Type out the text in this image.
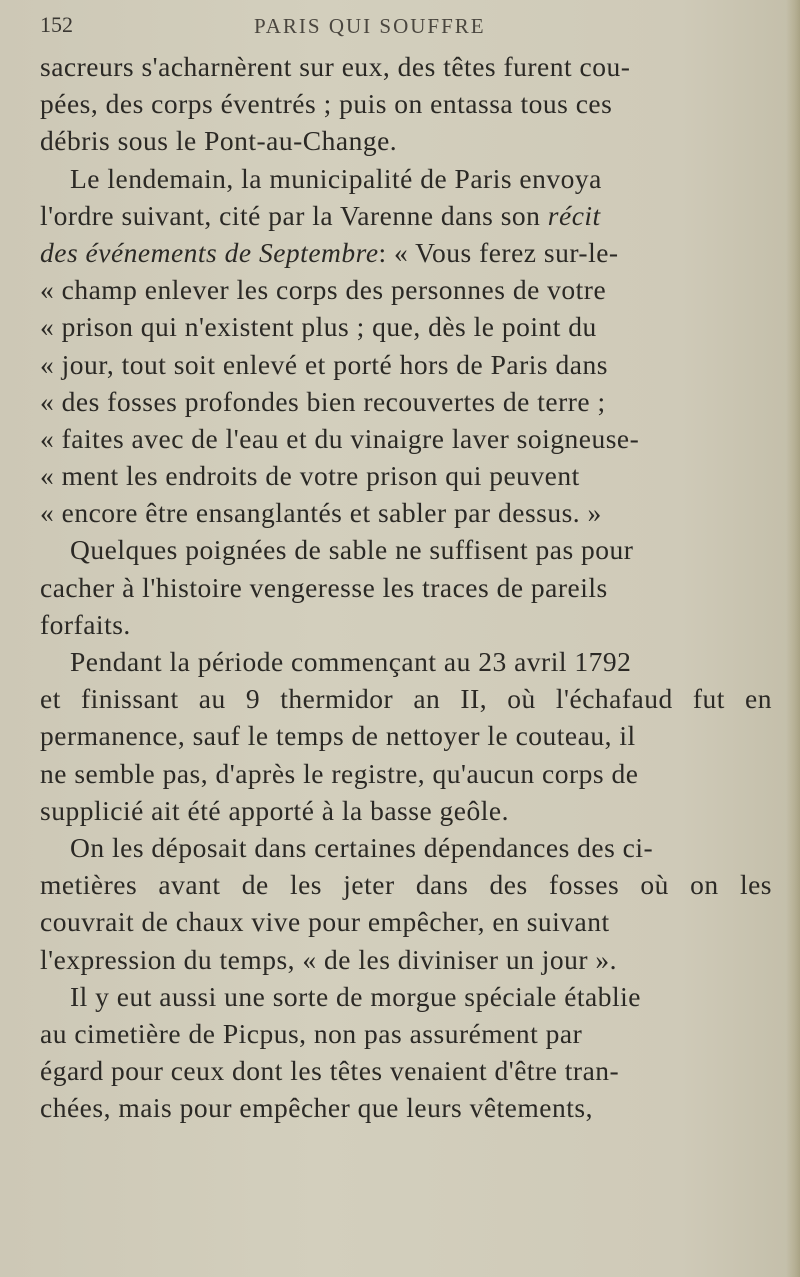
152	PARIS QUI SOUFFRE
sacreurs s'acharnèrent sur eux, des têtes furent cou-
pées, des corps éventrés ; puis on entassa tous ces
débris sous le Pont-au-Change.
Le lendemain, la municipalité de Paris envoya
l'ordre suivant, cité par la Varenne dans son récit
des événements de Septembre: « Vous ferez sur-le-
« champ enlever les corps des personnes de votre
« prison qui n'existent plus ; que, dès le point du
« jour, tout soit enlevé et porté hors de Paris dans
« des fosses profondes bien recouvertes de terre ;
« faites avec de l'eau et du vinaigre laver soigneuse-
« ment les endroits de votre prison qui peuvent
« encore être ensanglantés et sabler par dessus. »
Quelques poignées de sable ne suffisent pas pour
cacher à l'histoire vengeresse les traces de pareils
forfaits.
Pendant la période commençant au 23 avril 1792
et finissant au 9 thermidor an II, où l'échafaud fut en
permanence, sauf le temps de nettoyer le couteau, il
ne semble pas, d'après le registre, qu'aucun corps de
supplicié ait été apporté à la basse geôle.
On les déposait dans certaines dépendances des ci-
metières avant de les jeter dans des fosses où on les
couvrait de chaux vive pour empêcher, en suivant
l'expression du temps, « de les diviniser un jour ».
Il y eut aussi une sorte de morgue spéciale établie
au cimetière de Picpus, non pas assurément par
égard pour ceux dont les têtes venaient d'être tran-
chées, mais pour empêcher que leurs vêtements,
